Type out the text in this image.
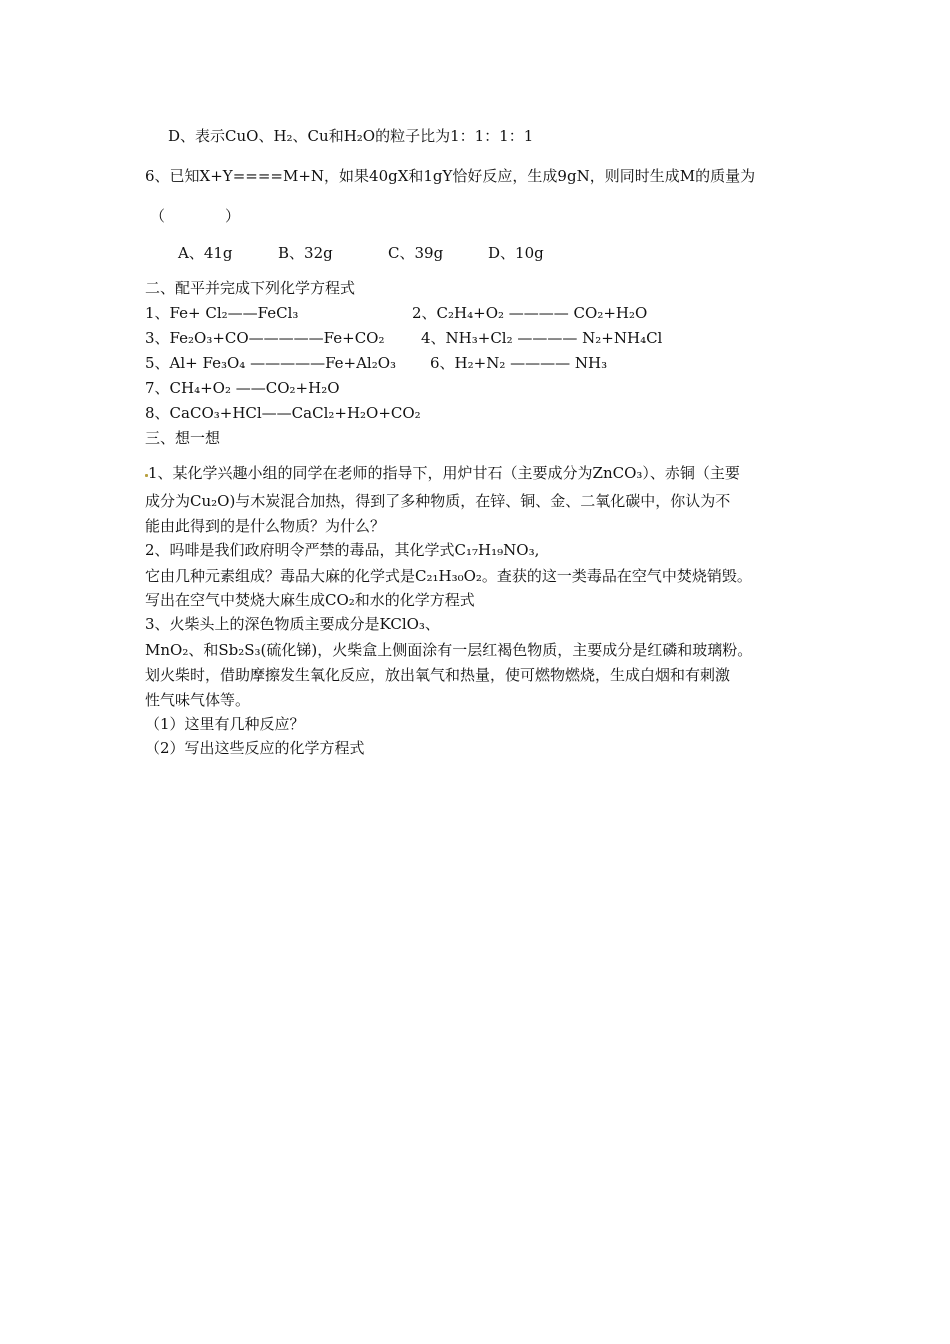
D、表示CuO、H₂、Cu和H₂O的粒子比为1：1：1：1
6、已知X+Y====M+N，如果40gX和1gY恰好反应，生成9gN，则同时生成M的质量为
（　　　　）
A、41g	B、32g	C、39g	D、10g
二、配平并完成下列化学方程式
1、Fe+ Cl₂——FeCl₃	2、C₂H₄+O₂ ———— CO₂+H₂O
3、Fe₂O₃+CO—————Fe+CO₂ 4、NH₃+Cl₂ ———— N₂+NH₄Cl
5、Al+ Fe₃O₄ —————Fe+Al₂O₃ 6、H₂+N₂ ———— NH₃
7、CH₄+O₂ ——CO₂+H₂O
8、CaCO₃+HCl——CaCl₂+H₂O+CO₂
三、想一想
1、某化学兴趣小组的同学在老师的指导下，用炉甘石（主要成分为ZnCO₃）、赤铜（主要
成分为Cu₂O)与木炭混合加热，得到了多种物质，在锌、铜、金、二氧化碳中，你认为不
能由此得到的是什么物质？为什么？
2、吗啡是我们政府明令严禁的毒品，其化学式C₁₇H₁₉NO₃,
它由几种元素组成？毒品大麻的化学式是C₂₁H₃₀O₂。查获的这一类毒品在空气中焚烧销毁。
写出在空气中焚烧大麻生成CO₂和水的化学方程式
3、火柴头上的深色物质主要成分是KClO₃、
MnO₂、和Sb₂S₃(硫化锑)，火柴盒上侧面涂有一层红褐色物质，主要成分是红磷和玻璃粉。
划火柴时，借助摩擦发生氧化反应，放出氧气和热量，使可燃物燃烧，生成白烟和有刺激
性气味气体等。
（1）这里有几种反应？
（2）写出这些反应的化学方程式
